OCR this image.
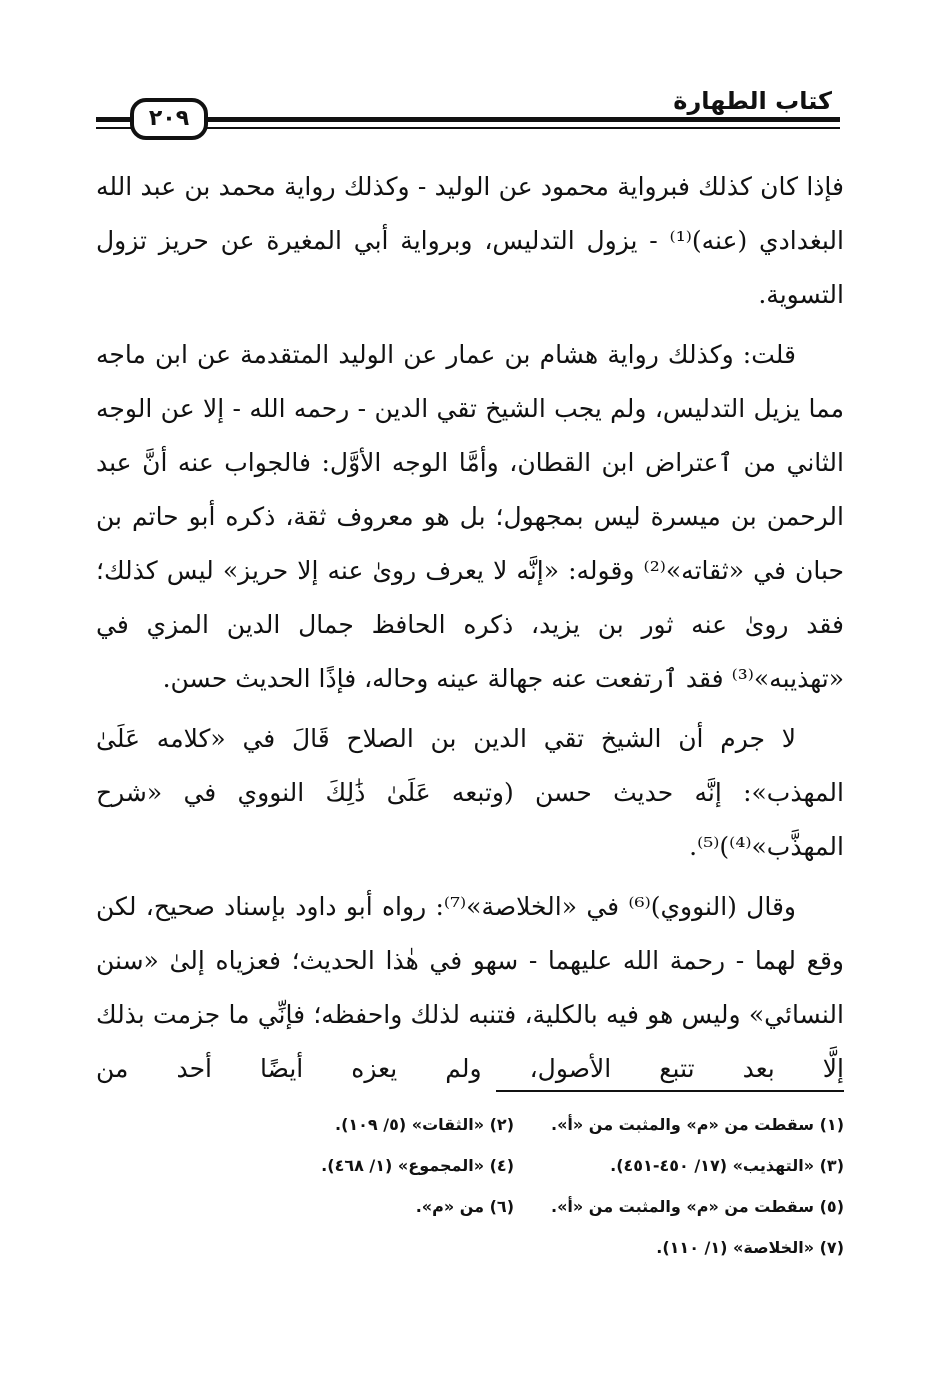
كتاب الطهارة
٢٠٩

فإذا كان كذلك فبرواية محمود عن الوليد - وكذلك رواية محمد بن عبد الله البغدادي (عنه)⁽¹⁾ - يزول التدليس، وبرواية أبي المغيرة عن حريز تزول التسوية.

قلت: وكذلك رواية هشام بن عمار عن الوليد المتقدمة عن ابن ماجه مما يزيل التدليس، ولم يجب الشيخ تقي الدين - رحمه الله - إلا عن الوجه الثاني من ٱعتراض ابن القطان، وأمَّا الوجه الأوَّل: فالجواب عنه أنَّ عبد الرحمن بن ميسرة ليس بمجهول؛ بل هو معروف ثقة، ذكره أبو حاتم بن حبان في «ثقاته»⁽²⁾ وقوله: «إنَّه لا يعرف روىٰ عنه إلا حريز» ليس كذلك؛ فقد روىٰ عنه ثور بن يزيد، ذكره الحافظ جمال الدين المزي في «تهذيبه»⁽³⁾ فقد ٱرتفعت عنه جهالة عينه وحاله، فإذًا الحديث حسن.

لا جرم أن الشيخ تقي الدين بن الصلاح قَالَ في «كلامه عَلَىٰ المهذب»: إنَّه حديث حسن (وتبعه عَلَىٰ ذَٰلِكَ النووي في «شرح المهذَّب»⁽⁴⁾)⁽⁵⁾.

وقال (النووي)⁽⁶⁾ في «الخلاصة»⁽⁷⁾: رواه أبو داود بإسناد صحيح، لكن وقع لهما - رحمة الله عليهما - سهو في هٰذا الحديث؛ فعزياه إلىٰ «سنن النسائي» وليس هو فيه بالكلية، فتنبه لذلك واحفظه؛ فإنِّي ما جزمت بذلك إلَّا بعد تتبع الأصول، ولم يعزه أيضًا أحد من

(١) سقطت من «م» والمثبت من «أ».
(٢) «الثقات» (٥/ ١٠٩).
(٣) «التهذيب» (١٧/ ٤٥٠-٤٥١).
(٤) «المجموع» (١/ ٤٦٨).
(٥) سقطت من «م» والمثبت من «أ».
(٦) من «م».
(٧) «الخلاصة» (١/ ١١٠).
